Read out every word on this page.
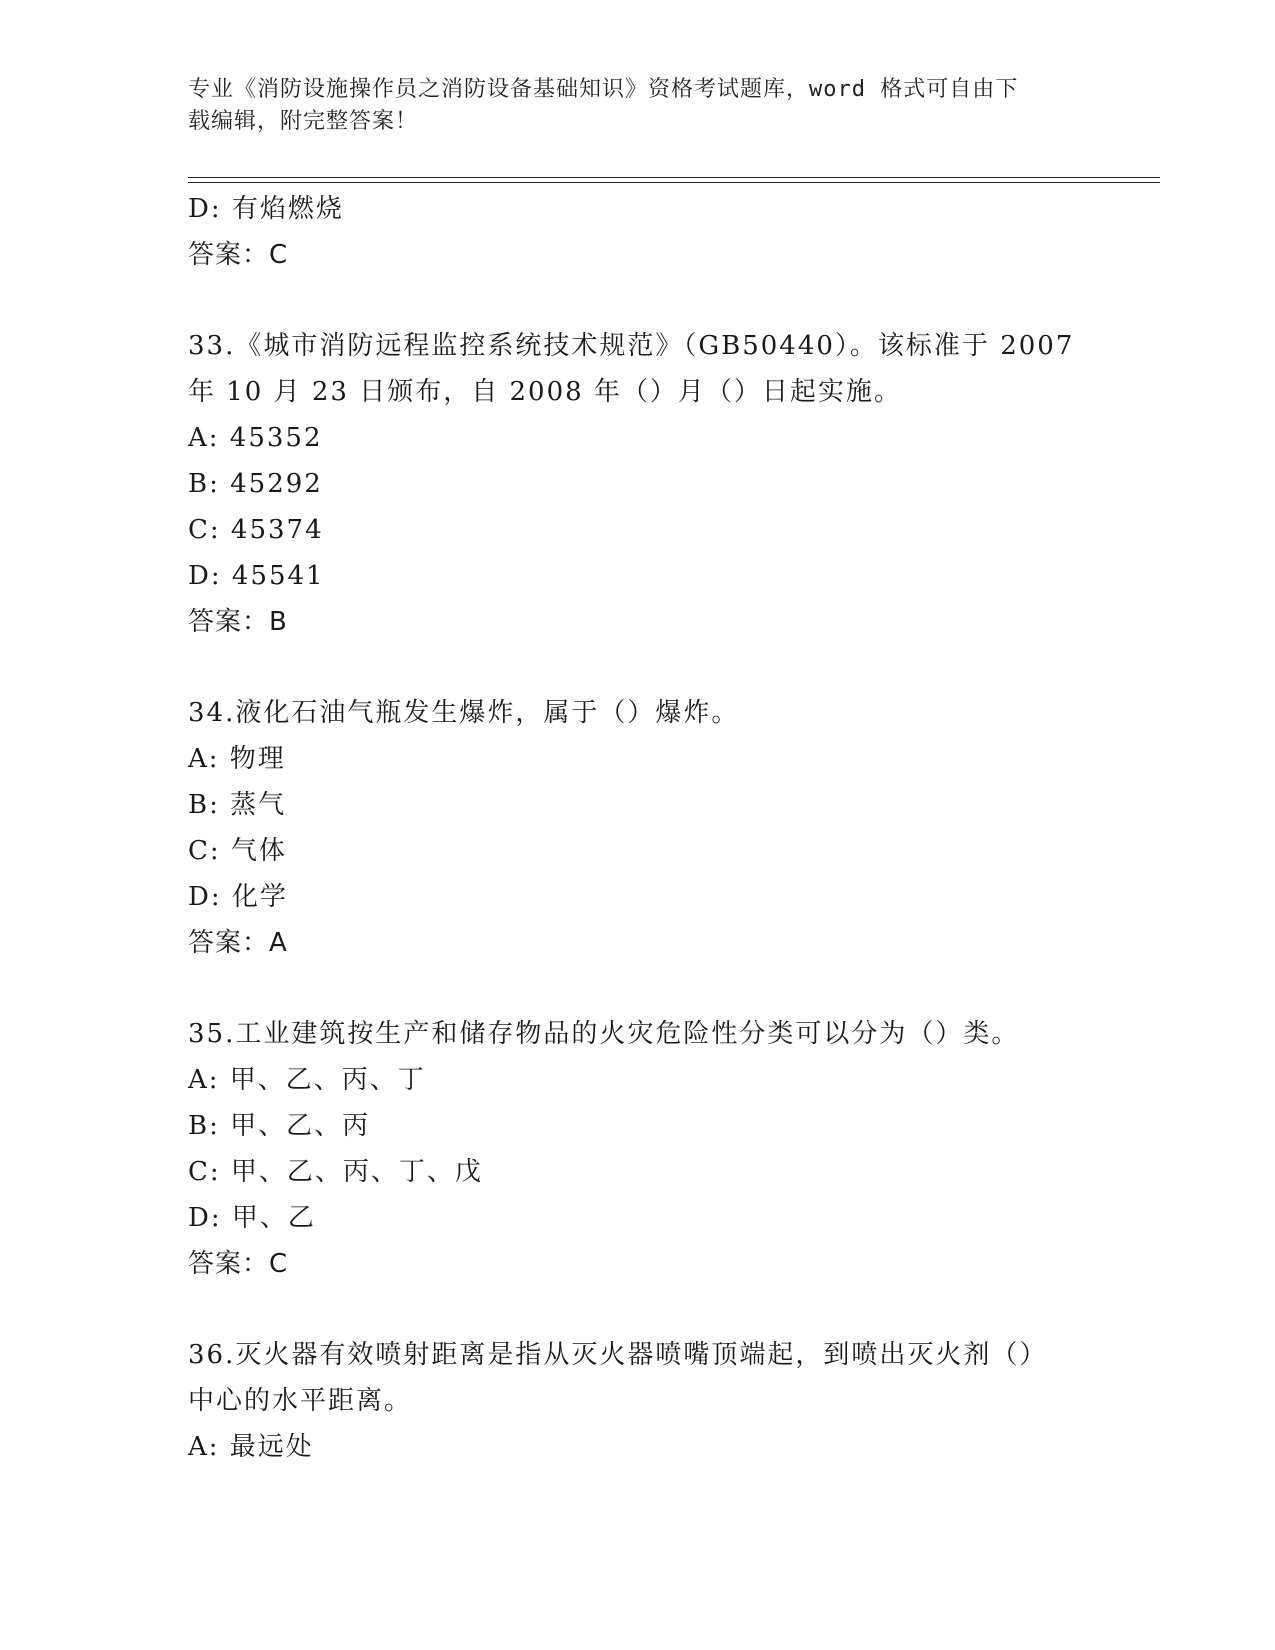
专业《消防设施操作员之消防设备基础知识》资格考试题库，word 格式可自由下
载编辑，附完整答案！
D: 有焰燃烧
答案：C
33.《城市消防远程监控系统技术规范》（GB50440）。该标准于 2007
年 10 月 23 日颁布，自 2008 年（）月（）日起实施。
A: 45352
B: 45292
C: 45374
D: 45541
答案：B
34.液化石油气瓶发生爆炸，属于（）爆炸。
A: 物理
B: 蒸气
C: 气体
D: 化学
答案：A
35.工业建筑按生产和储存物品的火灾危险性分类可以分为（）类。
A: 甲、乙、丙、丁
B: 甲、乙、丙
C: 甲、乙、丙、丁、戊
D: 甲、乙
答案：C
36.灭火器有效喷射距离是指从灭火器喷嘴顶端起，到喷出灭火剂（）
中心的水平距离。
A: 最远处
